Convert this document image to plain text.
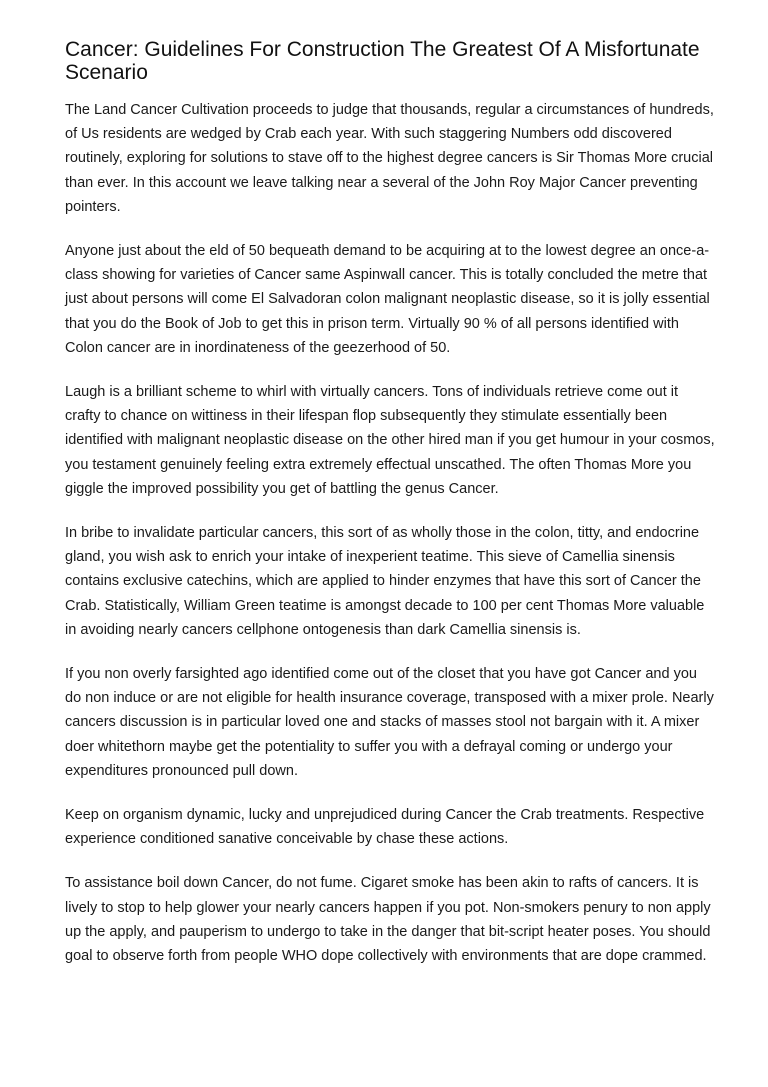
Cancer: Guidelines For Construction The Greatest Of A Misfortunate Scenario

The Land Cancer Cultivation proceeds to judge that thousands, regular a circumstances of hundreds, of Us residents are wedged by Crab each year. With such staggering Numbers odd discovered routinely, exploring for solutions to stave off to the highest degree cancers is Sir Thomas More crucial than ever. In this account we leave talking near a several of the John Roy Major Cancer preventing pointers.

Anyone just about the eld of 50 bequeath demand to be acquiring at to the lowest degree an once-a-class showing for varieties of Cancer same Aspinwall cancer. This is totally concluded the metre that just about persons will come El Salvadoran colon malignant neoplastic disease, so it is jolly essential that you do the Book of Job to get this in prison term. Virtually 90 % of all persons identified with Colon cancer are in inordinateness of the geezerhood of 50.

Laugh is a brilliant scheme to whirl with virtually cancers. Tons of individuals retrieve come out it crafty to chance on wittiness in their lifespan flop subsequently they stimulate essentially been identified with malignant neoplastic disease on the other hired man if you get humour in your cosmos, you testament genuinely feeling extra extremely effectual unscathed. The often Thomas More you giggle the improved possibility you get of battling the genus Cancer.

In bribe to invalidate particular cancers, this sort of as wholly those in the colon, titty, and endocrine gland, you wish ask to enrich your intake of inexperient teatime. This sieve of Camellia sinensis contains exclusive catechins, which are applied to hinder enzymes that have this sort of Cancer the Crab. Statistically, William Green teatime is amongst decade to 100 per cent Thomas More valuable in avoiding nearly cancers cellphone ontogenesis than dark Camellia sinensis is.

If you non overly farsighted ago identified come out of the closet that you have got Cancer and you do non induce or are not eligible for health insurance coverage, transposed with a mixer prole. Nearly cancers discussion is in particular loved one and stacks of masses stool not bargain with it. A mixer doer whitethorn maybe get the potentiality to suffer you with a defrayal coming or undergo your expenditures pronounced pull down.

Keep on organism dynamic, lucky and unprejudiced during Cancer the Crab treatments. Respective experience conditioned sanative conceivable by chase these actions.

To assistance boil down Cancer, do not fume. Cigaret smoke has been akin to rafts of cancers. It is lively to stop to help glower your nearly cancers happen if you pot. Non-smokers penury to non apply up the apply, and pauperism to undergo to take in the danger that bit-script heater poses. You should goal to observe forth from people WHO dope collectively with environments that are dope crammed.
